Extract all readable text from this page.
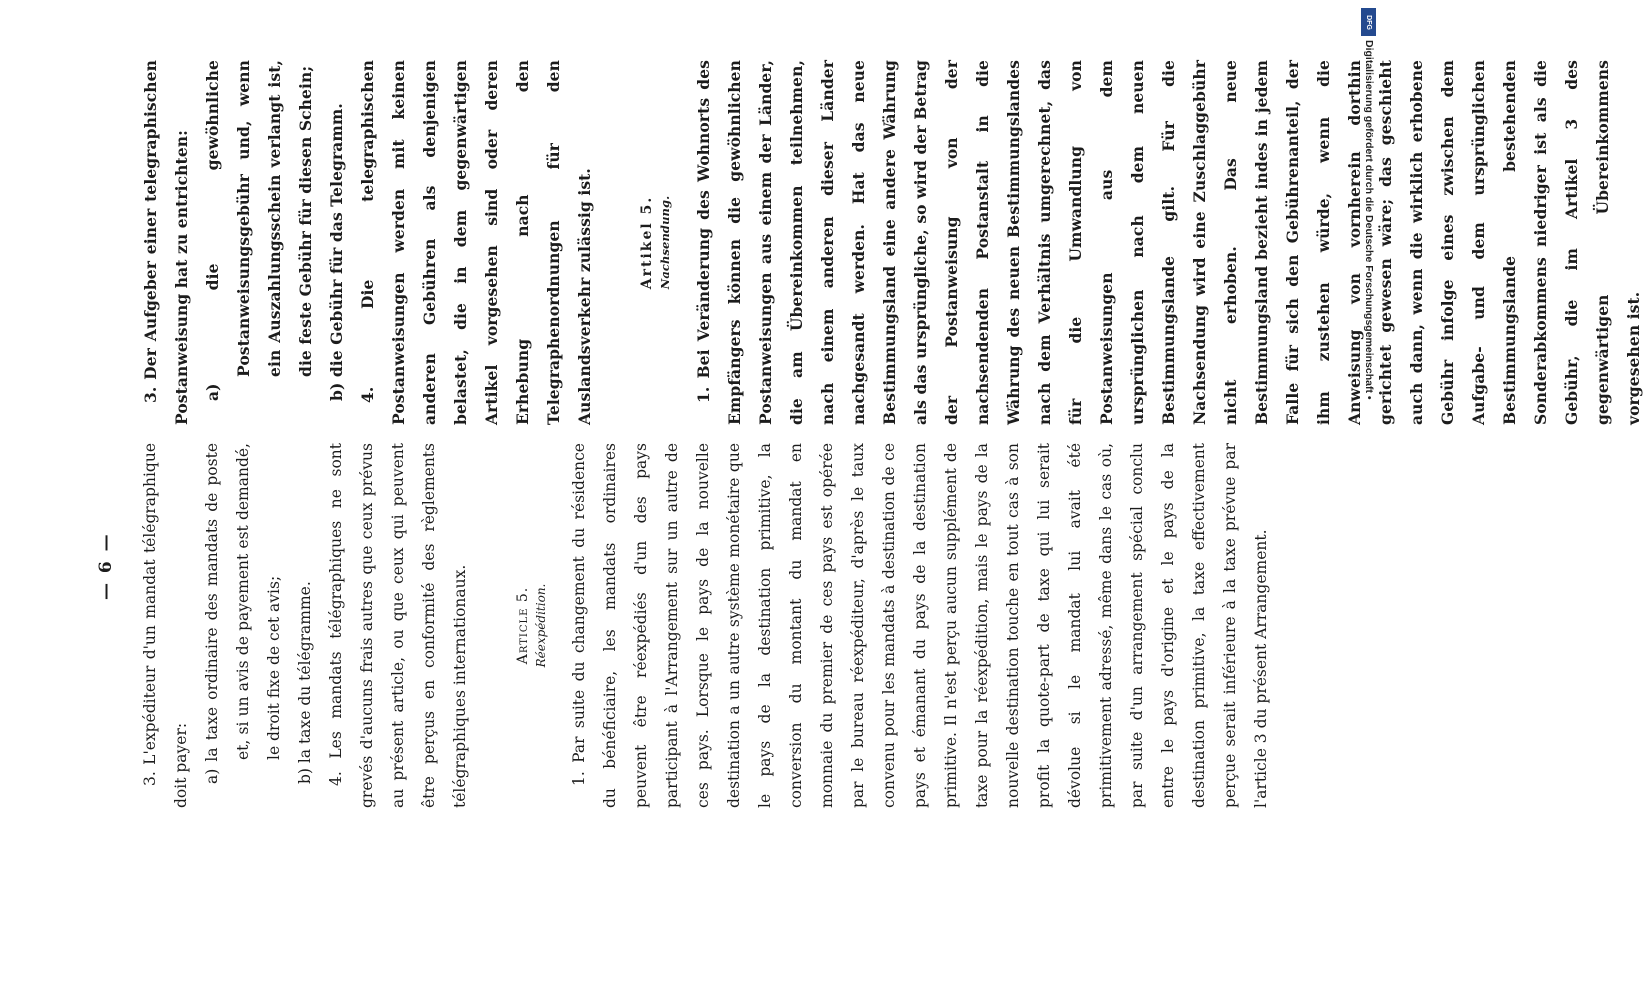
— 6 —	3. L'expéditeur d'un mandat télégraphique doit payer: a) la taxe ordinaire des mandats de poste et, si un avis de payement est demandé, le droit fixe de cet avis; b) la taxe du télégramme. 4. Les mandats télégraphiques ne sont grevés d'aucuns frais autres que ceux prévus au présent article, ou que ceux qui peuvent être perçus en conformité des règlements télégraphiques internationaux.	Article 5. Réexpédition.	1. Par suite du changement du résidence du bénéficiaire, les mandats ordinaires peuvent être réexpédiés d'un des pays participant à l'Arrangement sur un autre de ces pays. Lorsque le pays de la nouvelle destination a un autre système monétaire que le pays de la destination primitive, la conversion du montant du mandat en monnaie du premier de ces pays est opérée par le bureau réexpéditeur, d'après le taux convenu pour les mandats à destination de ce pays et émanant du pays de la destination primitive. Il n'est perçu aucun supplément de taxe pour la réexpédition, mais le pays de la nouvelle destination touche en tout cas à son profit la quote-part de taxe qui lui serait dévolue si le mandat lui avait été primitivement adressé, même dans le cas où, par suite d'un arrangement spécial conclu entre le pays d'origine et le pays de la destination primitive, la taxe effectivement perçue serait inférieure à la taxe prévue par l'article 3 du présent Arrangement.

3. Der Aufgeber einer telegraphischen Postanweisung hat zu entrichten: a) die gewöhnliche Postanweisungsgebühr und, wenn ein Auszahlungsschein verlangt ist, die feste Gebühr für diesen Schein; b) die Gebühr für das Telegramm. 4. Die telegraphischen Postanweisungen werden mit keinen anderen Gebühren als denjenigen belastet, die in dem gegenwärtigen Artikel vorgesehen sind oder deren Erhebung nach den Telegraphenordnungen für den Auslandsverkehr zulässig ist.	Artikel 5. Nachsendung.	1. Bei Veränderung des Wohnorts des Empfängers können die gewöhnlichen Postanweisungen aus einem der Länder, die am Übereinkommen teilnehmen, nach einem anderen dieser Länder nachgesandt werden. Hat das neue Bestimmungsland eine andere Währung als das ursprüngliche, so wird der Betrag der Postanweisung von der nachsendenden Postanstalt in die Währung des neuen Bestimmungslandes nach dem Verhältnis umgerechnet, das für die Umwandlung von Postanweisungen aus dem ursprünglichen nach dem neuen Bestimmungslande gilt. Für die Nachsendung wird eine Zuschlaggebühr nicht erhoben. Das neue Bestimmungsland bezieht indes in jedem Falle für sich den Gebührenanteil, der ihm zustehen würde, wenn die Anweisung von vornherein dorthin gerichtet gewesen wäre; das geschieht auch dann, wenn die wirklich erhobene Gebühr infolge eines zwischen dem Aufgabe- und dem ursprünglichen Bestimmungslande bestehenden Sonderabkommens niedriger ist als die Gebühr, die im Artikel 3 des gegenwärtigen Übereinkommens vorgesehen ist.

DFG
Digitalisierung gefördert durch die Deutsche Forschungsgemeinschaft •
